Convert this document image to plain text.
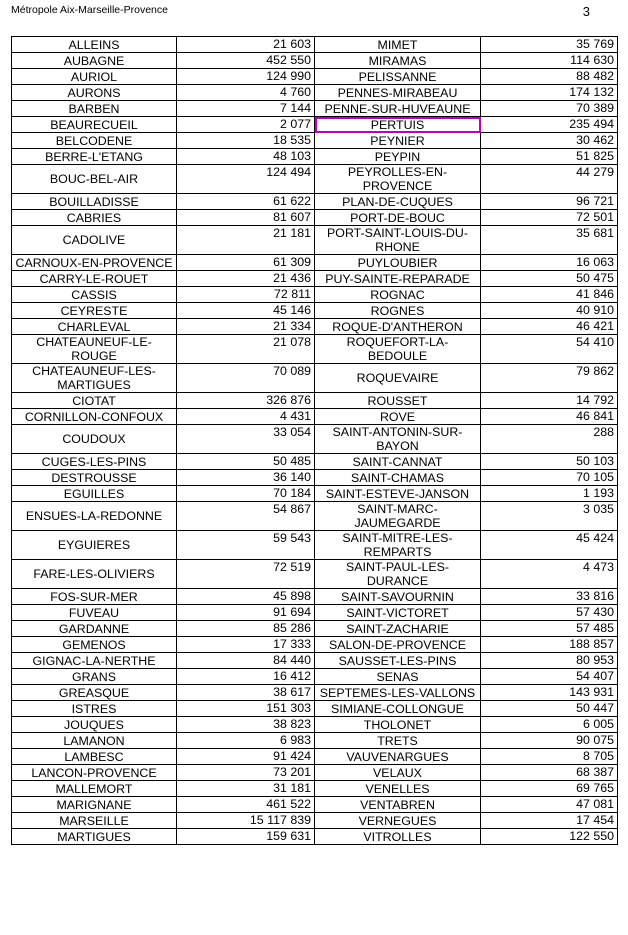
Métropole Aix-Marseille-Provence	3
ALLEINS	21 603	MIMET	35 769
AUBAGNE	452 550	MIRAMAS	114 630
AURIOL	124 990	PELISSANNE	88 482
AURONS	4 760	PENNES-MIRABEAU	174 132
BARBEN	7 144	PENNE-SUR-HUVEAUNE	70 389
BEAURECUEIL	2 077	PERTUIS	235 494
BELCODENE	18 535	PEYNIER	30 462
BERRE-L'ETANG	48 103	PEYPIN	51 825
BOUC-BEL-AIR	124 494	PEYROLLES-EN-PROVENCE	44 279
BOUILLADISSE	61 622	PLAN-DE-CUQUES	96 721
CABRIES	81 607	PORT-DE-BOUC	72 501
CADOLIVE	21 181	PORT-SAINT-LOUIS-DU-RHONE	35 681
CARNOUX-EN-PROVENCE	61 309	PUYLOUBIER	16 063
CARRY-LE-ROUET	21 436	PUY-SAINTE-REPARADE	50 475
CASSIS	72 811	ROGNAC	41 846
CEYRESTE	45 146	ROGNES	40 910
CHARLEVAL	21 334	ROQUE-D'ANTHERON	46 421
CHATEAUNEUF-LE-ROUGE	21 078	ROQUEFORT-LA-BEDOULE	54 410
CHATEAUNEUF-LES-MARTIGUES	70 089	ROQUEVAIRE	79 862
CIOTAT	326 876	ROUSSET	14 792
CORNILLON-CONFOUX	4 431	ROVE	46 841
COUDOUX	33 054	SAINT-ANTONIN-SUR-BAYON	288
CUGES-LES-PINS	50 485	SAINT-CANNAT	50 103
DESTROUSSE	36 140	SAINT-CHAMAS	70 105
EGUILLES	70 184	SAINT-ESTEVE-JANSON	1 193
ENSUES-LA-REDONNE	54 867	SAINT-MARC-JAUMEGARDE	3 035
EYGUIERES	59 543	SAINT-MITRE-LES-REMPARTS	45 424
FARE-LES-OLIVIERS	72 519	SAINT-PAUL-LES-DURANCE	4 473
FOS-SUR-MER	45 898	SAINT-SAVOURNIN	33 816
FUVEAU	91 694	SAINT-VICTORET	57 430
GARDANNE	85 286	SAINT-ZACHARIE	57 485
GEMENOS	17 333	SALON-DE-PROVENCE	188 857
GIGNAC-LA-NERTHE	84 440	SAUSSET-LES-PINS	80 953
GRANS	16 412	SENAS	54 407
GREASQUE	38 617	SEPTEMES-LES-VALLONS	143 931
ISTRES	151 303	SIMIANE-COLLONGUE	50 447
JOUQUES	38 823	THOLONET	6 005
LAMANON	6 983	TRETS	90 075
LAMBESC	91 424	VAUVENARGUES	8 705
LANCON-PROVENCE	73 201	VELAUX	68 387
MALLEMORT	31 181	VENELLES	69 765
MARIGNANE	461 522	VENTABREN	47 081
MARSEILLE	15 117 839	VERNEGUES	17 454
MARTIGUES	159 631	VITROLLES	122 550
